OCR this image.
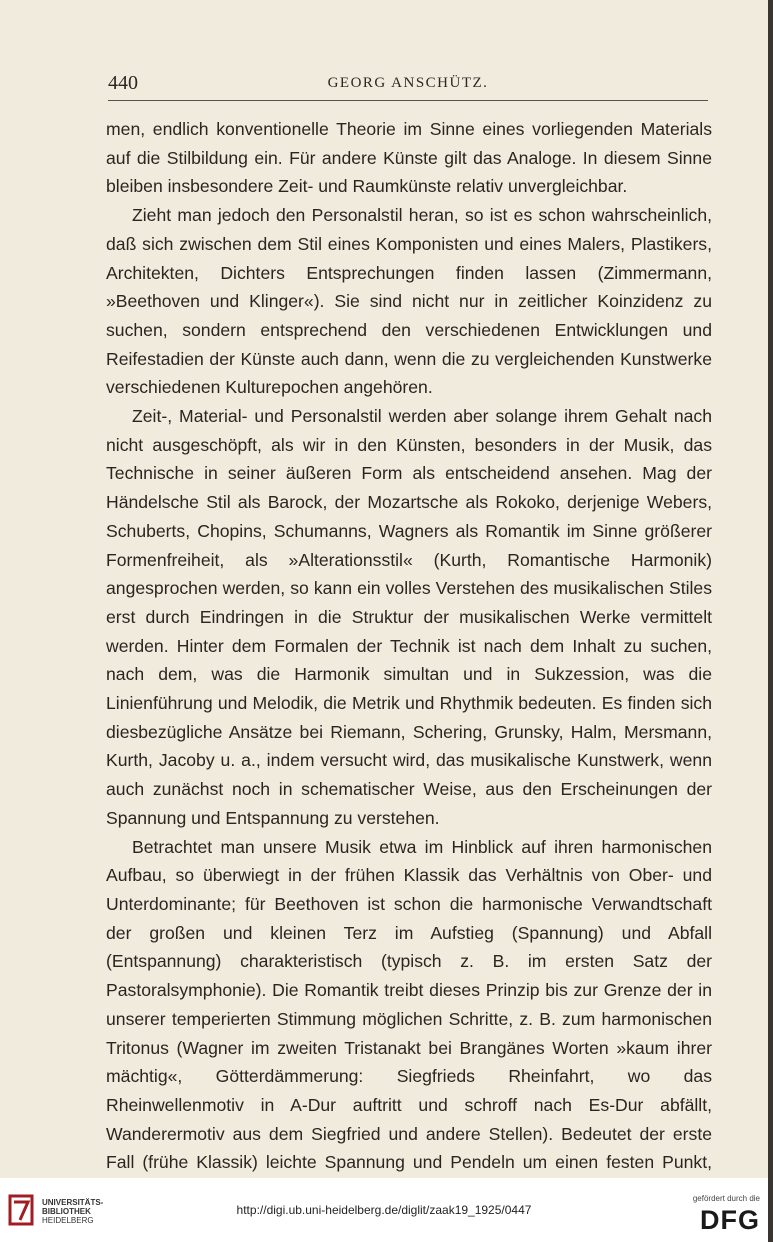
440	GEORG ANSCHÜTZ.

men, endlich konventionelle Theorie im Sinne eines vorliegenden Materials auf die Stilbildung ein. Für andere Künste gilt das Analoge. In diesem Sinne bleiben insbesondere Zeit- und Raumkünste relativ unvergleichbar.

Zieht man jedoch den Personalstil heran, so ist es schon wahrscheinlich, daß sich zwischen dem Stil eines Komponisten und eines Malers, Plastikers, Architekten, Dichters Entsprechungen finden lassen (Zimmermann, »Beethoven und Klinger«). Sie sind nicht nur in zeitlicher Koinzidenz zu suchen, sondern entsprechend den verschiedenen Entwicklungen und Reifestadien der Künste auch dann, wenn die zu vergleichenden Kunstwerke verschiedenen Kulturepochen angehören.

Zeit-, Material- und Personalstil werden aber solange ihrem Gehalt nach nicht ausgeschöpft, als wir in den Künsten, besonders in der Musik, das Technische in seiner äußeren Form als entscheidend ansehen. Mag der Händelsche Stil als Barock, der Mozartsche als Rokoko, derjenige Webers, Schuberts, Chopins, Schumanns, Wagners als Romantik im Sinne größerer Formenfreiheit, als »Alterationsstil« (Kurth, Romantische Harmonik) angesprochen werden, so kann ein volles Verstehen des musikalischen Stiles erst durch Eindringen in die Struktur der musikalischen Werke vermittelt werden. Hinter dem Formalen der Technik ist nach dem Inhalt zu suchen, nach dem, was die Harmonik simultan und in Sukzession, was die Linienführung und Melodik, die Metrik und Rhythmik bedeuten. Es finden sich diesbezügliche Ansätze bei Riemann, Schering, Grunsky, Halm, Mersmann, Kurth, Jacoby u. a., indem versucht wird, das musikalische Kunstwerk, wenn auch zunächst noch in schematischer Weise, aus den Erscheinungen der Spannung und Entspannung zu verstehen.

Betrachtet man unsere Musik etwa im Hinblick auf ihren harmonischen Aufbau, so überwiegt in der frühen Klassik das Verhältnis von Ober- und Unterdominante; für Beethoven ist schon die harmonische Verwandtschaft der großen und kleinen Terz im Aufstieg (Spannung) und Abfall (Entspannung) charakteristisch (typisch z. B. im ersten Satz der Pastoralsymphonie). Die Romantik treibt dieses Prinzip bis zur Grenze der in unserer temperierten Stimmung möglichen Schritte, z. B. zum harmonischen Tritonus (Wagner im zweiten Tristanakt bei Brangänes Worten »kaum ihrer mächtig«, Götterdämmerung: Siegfrieds Rheinfahrt, wo das Rheinwellenmotiv in A-Dur auftritt und schroff nach Es-Dur abfällt, Wanderermotiv aus dem Siegfried und andere Stellen). Bedeutet der erste Fall (frühe Klassik) leichte Spannung und Pendeln um einen festen Punkt,

UNIVERSITÄTS-
BIBLIOTHEK
HEIDELBERG
http://digi.ub.uni-heidelberg.de/diglit/zaak19_1925/0447
gefördert durch die
DFG
